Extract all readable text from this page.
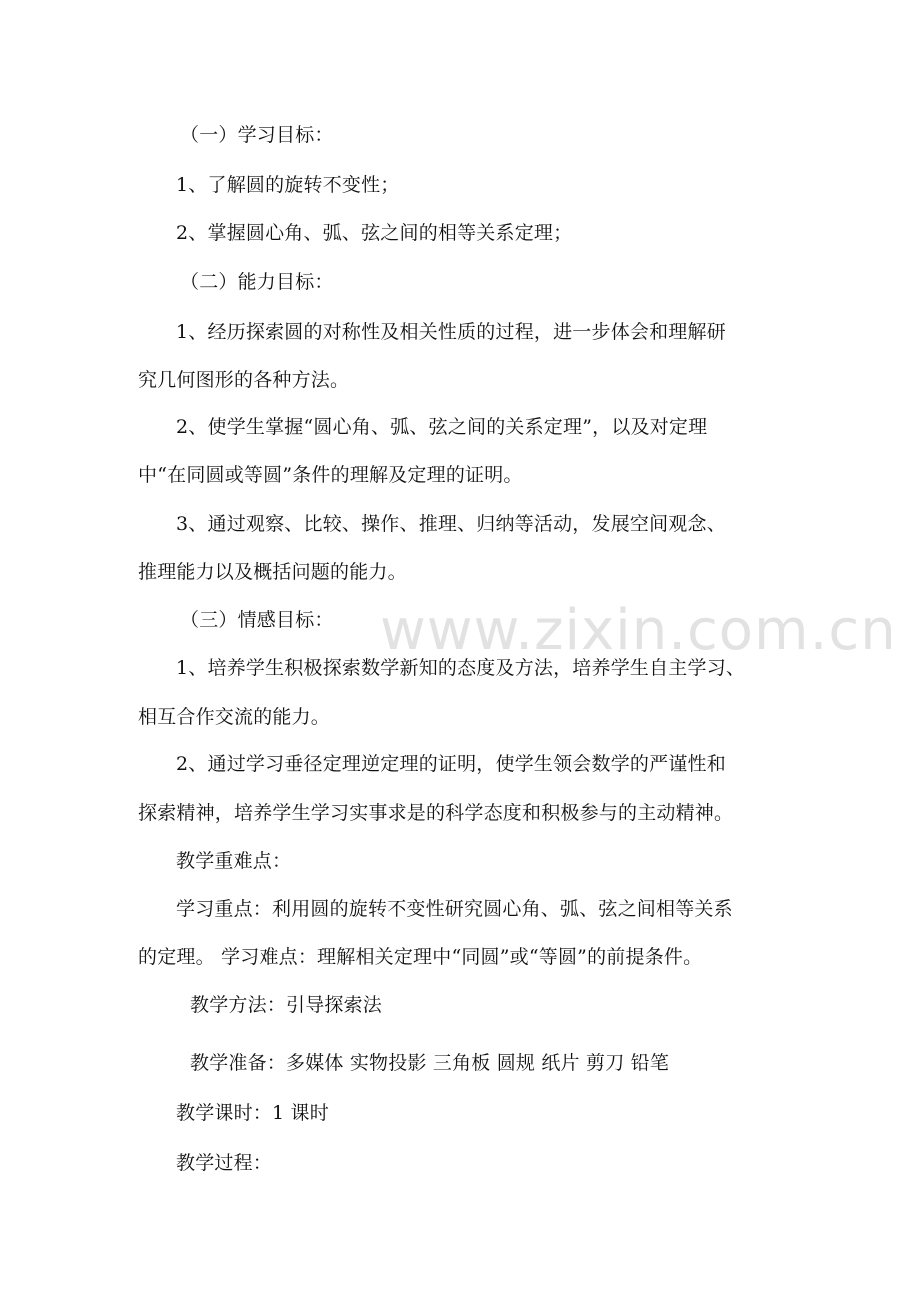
www.zixin.com.cn
（一）学习目标：
1、了解圆的旋转不变性；
2、掌握圆心角、弧、弦之间的相等关系定理；
（二）能力目标：
1、经历探索圆的对称性及相关性质的过程，进一步体会和理解研
究几何图形的各种方法。
2、使学生掌握“圆心角、弧、弦之间的关系定理”，以及对定理
中“在同圆或等圆”条件的理解及定理的证明。
3、通过观察、比较、操作、推理、归纳等活动，发展空间观念、
推理能力以及概括问题的能力。
（三）情感目标：
1、培养学生积极探索数学新知的态度及方法，培养学生自主学习、
相互合作交流的能力。
2、通过学习垂径定理逆定理的证明，使学生领会数学的严谨性和
探索精神，培养学生学习实事求是的科学态度和积极参与的主动精神。
教学重难点：
学习重点：利用圆的旋转不变性研究圆心角、弧、弦之间相等关系
的定理。 学习难点：理解相关定理中“同圆”或“等圆”的前提条件。
教学方法：引导探索法
教学准备：多媒体 实物投影 三角板 圆规 纸片 剪刀 铅笔
教学课时：1 课时
教学过程：
